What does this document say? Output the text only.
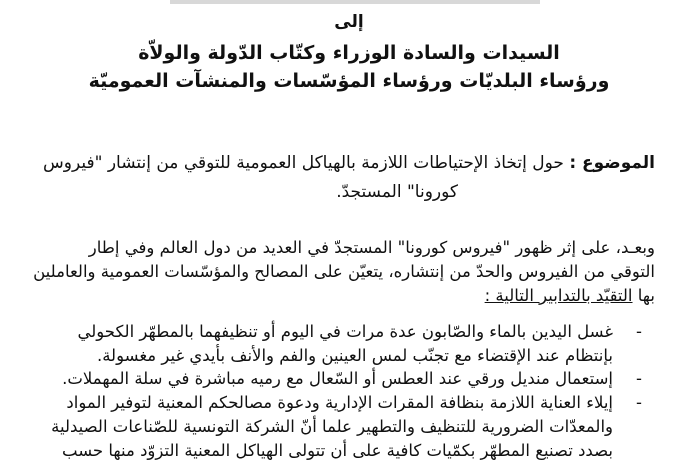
إلى
السيدات والسادة الوزراء وكتّاب الدّولة والولاّة
ورؤساء البلديّات ورؤساء المؤسّسات والمنشآت العموميّة
الموضوع : حول إتخاذ الإحتياطات اللازمة بالهياكل العمومية للتوقي من إنتشار "فيروس
كورونا" المستجدّ.
وبعـد، على إثر ظهور "فيروس كورونا" المستجدّ في العديد من دول العالم وفي إطار
التوقي من الفيروس والحدّ من إنتشاره، يتعيّن على المصالح والمؤسّسات العمومية والعاملين
بها التقيّد بالتدابير التالية :
-
غسل اليدين بالماء والصّابون عدة مرات في اليوم أو تنظيفهما بالمطهّر الكحولي
بإنتظام عند الإقتضاء مع تجنّب لمس العينين والفم والأنف بأيدي غير مغسولة.
-
إستعمال منديل ورقي عند العطس أو السّعال مع رميه مباشرة في سلة المهملات.
-
إيلاء العناية اللازمة بنظافة المقرات الإدارية ودعوة مصالحكم المعنية لتوفير المواد
والمعدّات الضرورية للتنظيف والتطهير علما أنّ الشركة التونسية للصّناعات الصيدلية
بصدد تصنيع المطهّر بكمّيات كافية على أن تتولى الهياكل المعنية التزوّد منها حسب
